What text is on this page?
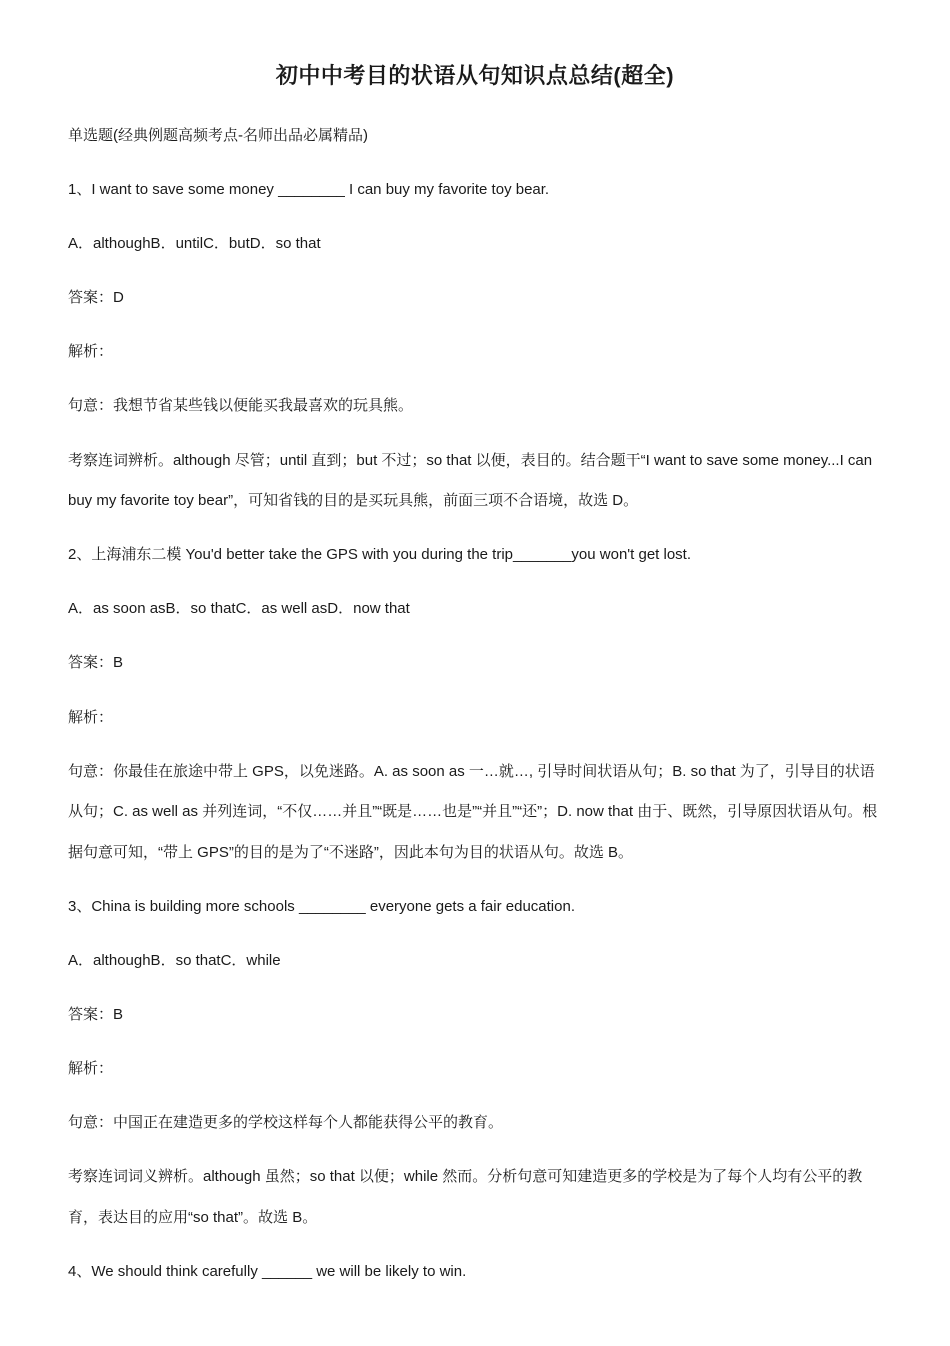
初中中考目的状语从句知识点总结(超全)

单选题(经典例题高频考点-名师出品必属精品)

1、I want to save some money ________ I can buy my favorite toy bear.

A．althoughB．untilC．butD．so that

答案：D

解析：

句意：我想节省某些钱以便能买我最喜欢的玩具熊。

考察连词辨析。although 尽管；until 直到；but 不过；so that 以便，表目的。结合题干“I want to save some money...I can buy my favorite toy bear”，可知省钱的目的是买玩具熊，前面三项不合语境，故选 D。

2、上海浦东二模 You'd better take the GPS with you during the trip_______you won't get lost.

A．as soon asB．so thatC．as well asD．now that

答案：B

解析：

句意：你最佳在旅途中带上 GPS，以免迷路。A. as soon as 一…就…, 引导时间状语从句；B. so that 为了，引导目的状语从句；C. as well as 并列连词，“不仅……并且”“既是……也是”“并且”“还”；D. now that 由于、既然，引导原因状语从句。根据句意可知，“带上 GPS”的目的是为了“不迷路”，因此本句为目的状语从句。故选 B。

3、China is building more schools ________ everyone gets a fair education.

A．althoughB．so thatC．while

答案：B

解析：

句意：中国正在建造更多的学校这样每个人都能获得公平的教育。

考察连词词义辨析。although 虽然；so that 以便；while 然而。分析句意可知建造更多的学校是为了每个人均有公平的教育，表达目的应用“so that”。故选 B。

4、We should think carefully ______ we will be likely to win.
